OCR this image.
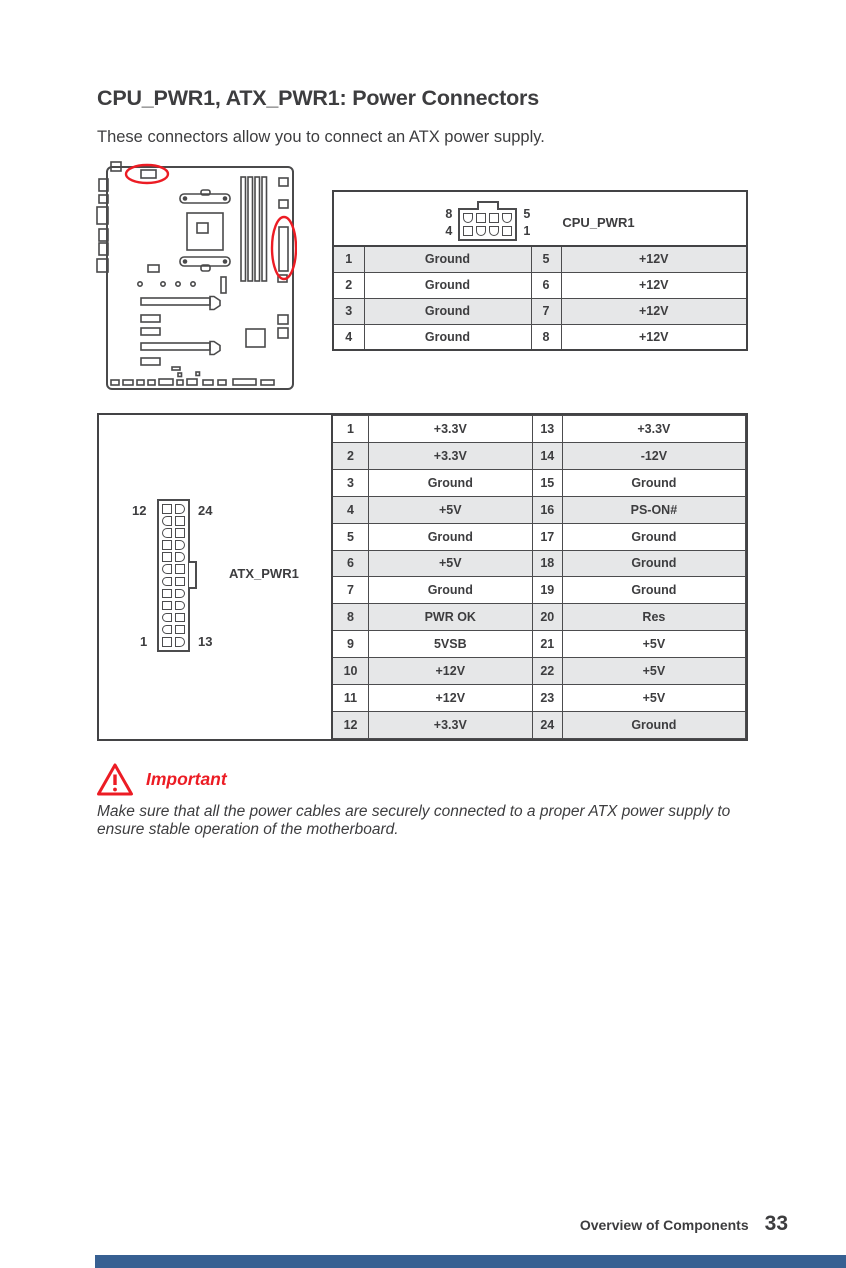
CPU_PWR1, ATX_PWR1: Power Connectors

These connectors allow you to connect an ATX power supply.

8
4
5
1
CPU_PWR1			

1	Ground	5	+12V
2	Ground	6	+12V
3	Ground	7	+12V
4	Ground	8	+12V
12	24
1	13
ATX_PWR1
1	+3.3V	13	+3.3V
2	+3.3V	14	-12V
3	Ground	15	Ground
4	+5V	16	PS-ON#
5	Ground	17	Ground
6	+5V	18	Ground
7	Ground	19	Ground
8	PWR OK	20	Res
9	5VSB	21	+5V
10	+12V	22	+5V
11	+12V	23	+5V
12	+3.3V	24	Ground
Important

Make sure that all the power cables are securely connected to a proper ATX power supply to ensure stable operation of the motherboard.

Overview of Components 33
